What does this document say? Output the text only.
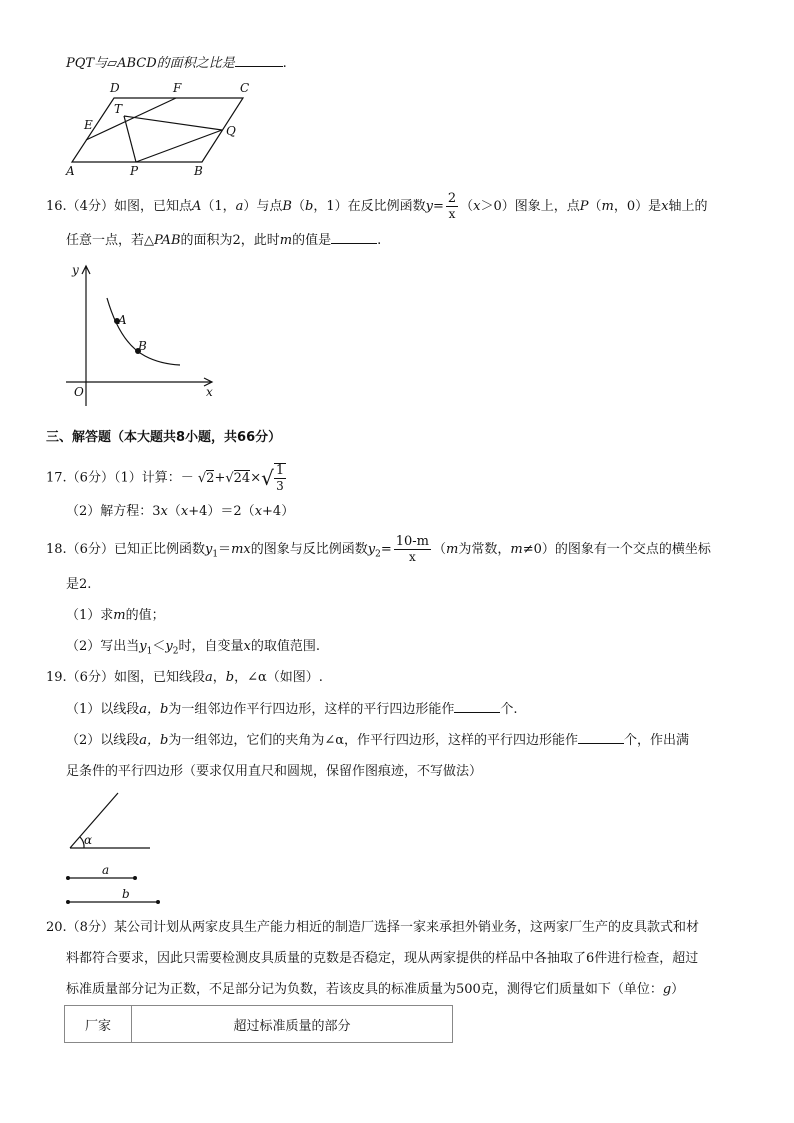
PQT与▱ABCD的面积之比是	.
D	F	C
T
E	Q
A	P	B
16.（4分）如图，已知点A（1，a）与点B（b，1）在反比例函数$y= \frac{2}{x} (x>0)$图象上，点P（m，0）是x轴上的
任意一点，若△PAB的面积为2，此时m的值是	.
y
x
O
A
B
三、解答题（本大题共8小题，共66分）
17.（6分）（1）计算：－ $√2+√24\times√ \frac{1}{3}$
（2）解方程：3x（x+4）＝2（x+4）
18.（6分）已知正比例函数$y_1=mx$的图象与反比例函数$y_2= \frac{10-m}{x} (m$为常数，m≠0）的图象有一个交点的横坐标
是2.
（1）求m的值；
（2）写出当$y_1<y_2$时，自变量x的取值范围.
19.（6分）如图，已知线段a，b，∠α（如图）.
（1）以线段a，b为一组邻边作平行四边形，这样的平行四边形能作	个.
（2）以线段a，b为一组邻边，它们的夹角为∠α，作平行四边形，这样的平行四边形能作	个，作出满
足条件的平行四边形（要求仅用直尺和圆规，保留作图痕迹，不写做法）
α
a
b
20.（8分）某公司计划从两家皮具生产能力相近的制造厂选择一家来承担外销业务，这两家厂生产的皮具款式和材
料都符合要求，因此只需要检测皮具质量的克数是否稳定，现从两家提供的样品中各抽取了6件进行检查，超过
标准质量部分记为正数，不足部分记为负数，若该皮具的标准质量为500克，测得它们质量如下（单位：g）
厂家	超过标准质量的部分
